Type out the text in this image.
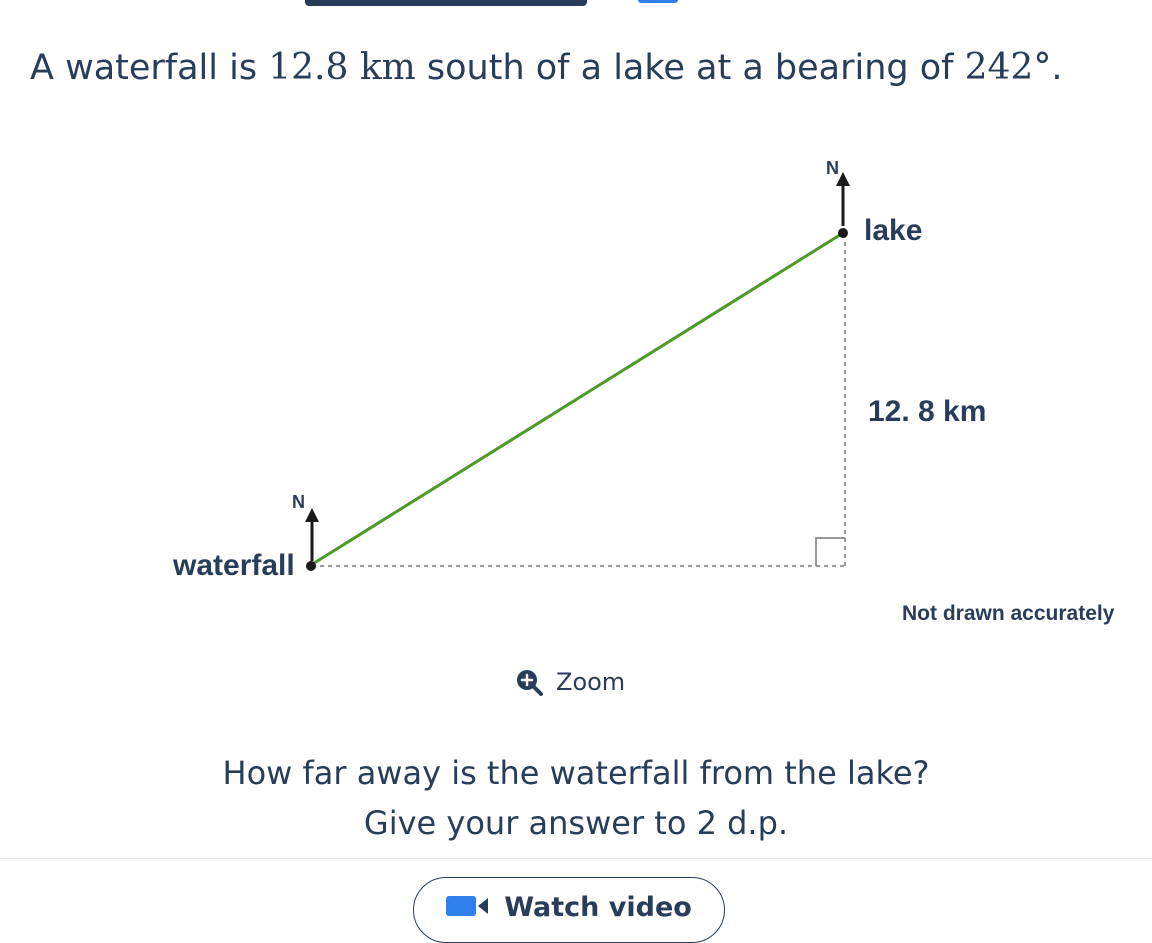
A waterfall is 12.8 km south of a lake at a bearing of 242°.
N
lake
12. 8 km
N
waterfall
Not drawn accurately
Zoom
How far away is the waterfall from the lake?
Give your answer to 2 d.p.
Watch video
